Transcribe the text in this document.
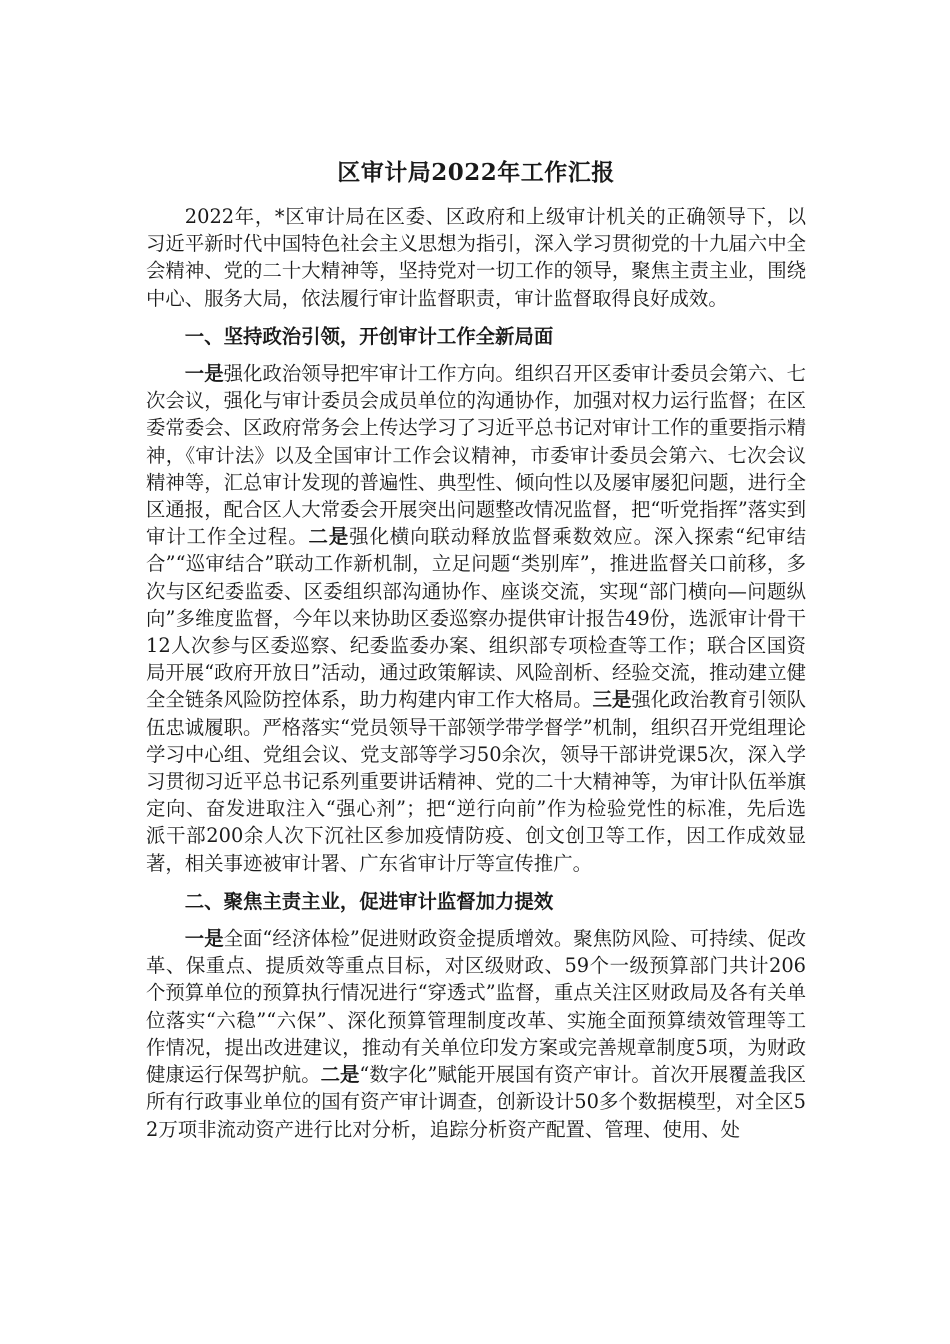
区审计局2022年工作汇报

2022年，*区审计局在区委、区政府和上级审计机关的正确领导下，以习近平新时代中国特色社会主义思想为指引，深入学习贯彻党的十九届六中全会精神、党的二十大精神等，坚持党对一切工作的领导，聚焦主责主业，围绕中心、服务大局，依法履行审计监督职责，审计监督取得良好成效。

一、坚持政治引领，开创审计工作全新局面

一是强化政治领导把牢审计工作方向。组织召开区委审计委员会第六、七次会议，强化与审计委员会成员单位的沟通协作，加强对权力运行监督；在区委常委会、区政府常务会上传达学习了习近平总书记对审计工作的重要指示精神，《审计法》以及全国审计工作会议精神，市委审计委员会第六、七次会议精神等，汇总审计发现的普遍性、典型性、倾向性以及屡审屡犯问题，进行全区通报，配合区人大常委会开展突出问题整改情况监督，把“听党指挥”落实到审计工作全过程。二是强化横向联动释放监督乘数效应。深入探索“纪审结合”“巡审结合”联动工作新机制，立足问题“类别库”，推进监督关口前移，多次与区纪委监委、区委组织部沟通协作、座谈交流，实现“部门横向—问题纵向”多维度监督，今年以来协助区委巡察办提供审计报告49份，选派审计骨干12人次参与区委巡察、纪委监委办案、组织部专项检查等工作；联合区国资局开展“政府开放日”活动，通过政策解读、风险剖析、经验交流，推动建立健全全链条风险防控体系，助力构建内审工作大格局。三是强化政治教育引领队伍忠诚履职。严格落实“党员领导干部领学带学督学”机制，组织召开党组理论学习中心组、党组会议、党支部等学习50余次，领导干部讲党课5次，深入学习贯彻习近平总书记系列重要讲话精神、党的二十大精神等，为审计队伍举旗定向、奋发进取注入“强心剂”；把“逆行向前”作为检验党性的标准，先后选派干部200余人次下沉社区参加疫情防疫、创文创卫等工作，因工作成效显著，相关事迹被审计署、广东省审计厅等宣传推广。

二、聚焦主责主业，促进审计监督加力提效

一是全面“经济体检”促进财政资金提质增效。聚焦防风险、可持续、促改革、保重点、提质效等重点目标，对区级财政、59个一级预算部门共计206个预算单位的预算执行情况进行“穿透式”监督，重点关注区财政局及各有关单位落实“六稳”“六保”、深化预算管理制度改革、实施全面预算绩效管理等工作情况，提出改进建议，推动有关单位印发方案或完善规章制度5项，为财政健康运行保驾护航。二是“数字化”赋能开展国有资产审计。首次开展覆盖我区所有行政事业单位的国有资产审计调查，创新设计50多个数据模型，对全区52万项非流动资产进行比对分析，追踪分析资产配置、管理、使用、处
